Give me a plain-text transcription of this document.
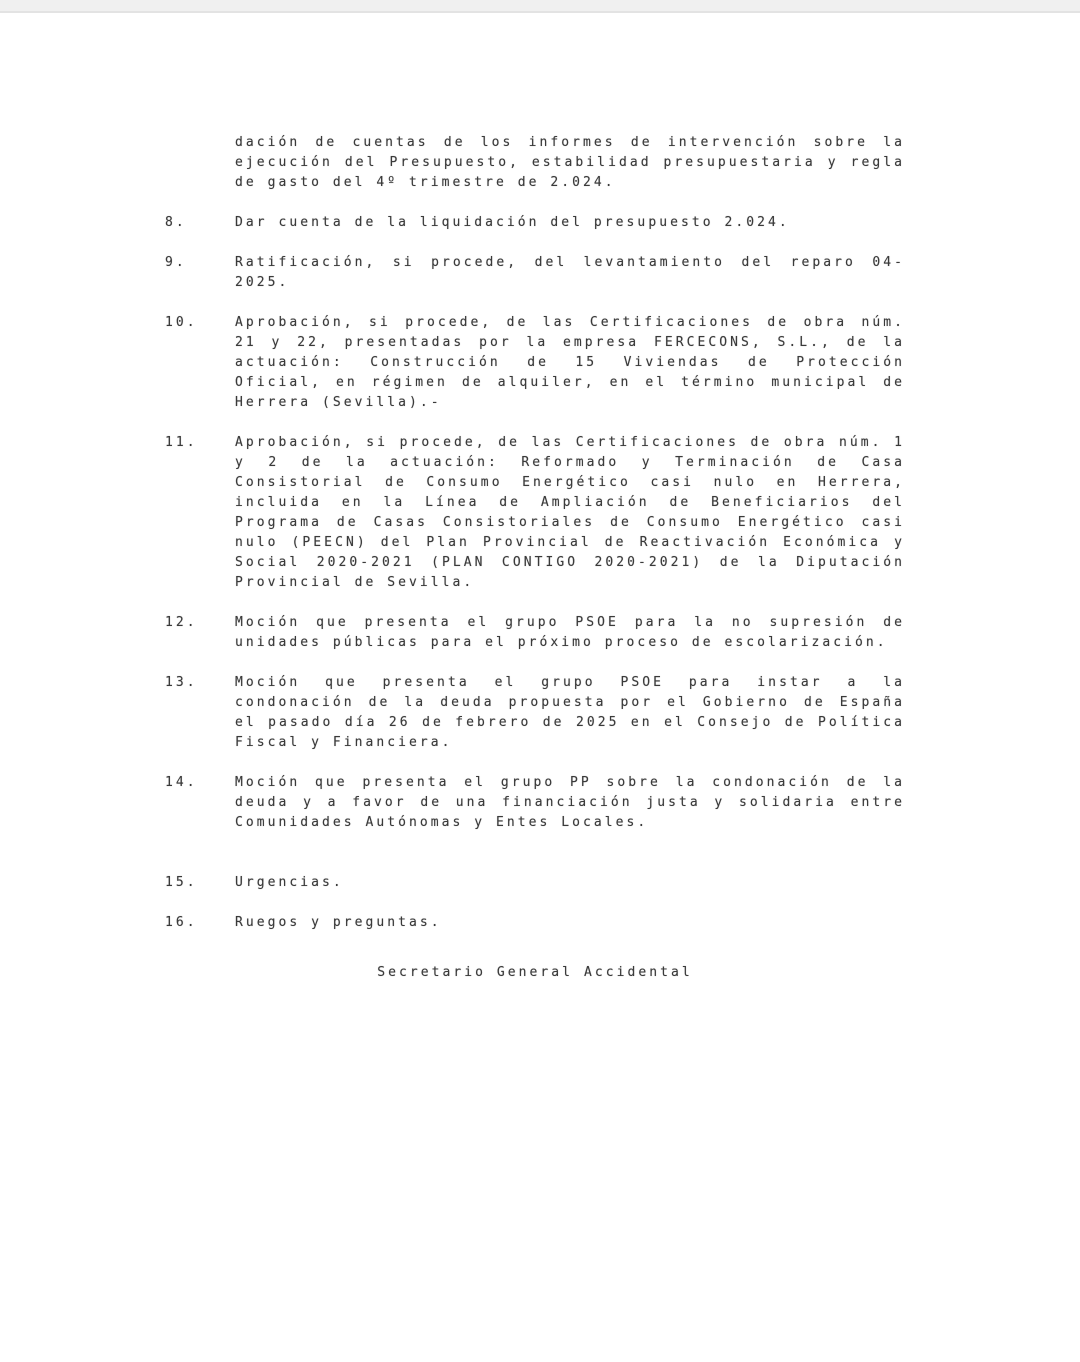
dación de cuentas de los informes de intervención sobre la
ejecución del Presupuesto, estabilidad presupuestaria y regla
de gasto del 4º trimestre de 2.024.
8.	Dar cuenta de la liquidación del presupuesto 2.024.
9.	Ratificación, si procede, del levantamiento del reparo 04-
2025.
10.	Aprobación, si procede, de las Certificaciones de obra núm.
21 y 22, presentadas por la empresa FERCECONS, S.L., de la
actuación: Construcción de 15 Viviendas de Protección
Oficial, en régimen de alquiler, en el término municipal de
Herrera (Sevilla).-
11.	Aprobación, si procede, de las Certificaciones de obra núm. 1
y 2 de la actuación: Reformado y Terminación de Casa
Consistorial de Consumo Energético casi nulo en Herrera,
incluida en la Línea de Ampliación de Beneficiarios del
Programa de Casas Consistoriales de Consumo Energético casi
nulo (PEECN) del Plan Provincial de Reactivación Económica y
Social 2020-2021 (PLAN CONTIGO 2020-2021) de la Diputación
Provincial de Sevilla.
12.	Moción que presenta el grupo PSOE para la no supresión de
unidades públicas para el próximo proceso de escolarización.
13.	Moción que presenta el grupo PSOE para instar a la
condonación de la deuda propuesta por el Gobierno de España
el pasado día 26 de febrero de 2025 en el Consejo de Política
Fiscal y Financiera.
14.	Moción que presenta el grupo PP sobre la condonación de la
deuda y a favor de una financiación justa y solidaria entre
Comunidades Autónomas y Entes Locales.
15.	Urgencias.
16.	Ruegos y preguntas.
Secretario General Accidental
